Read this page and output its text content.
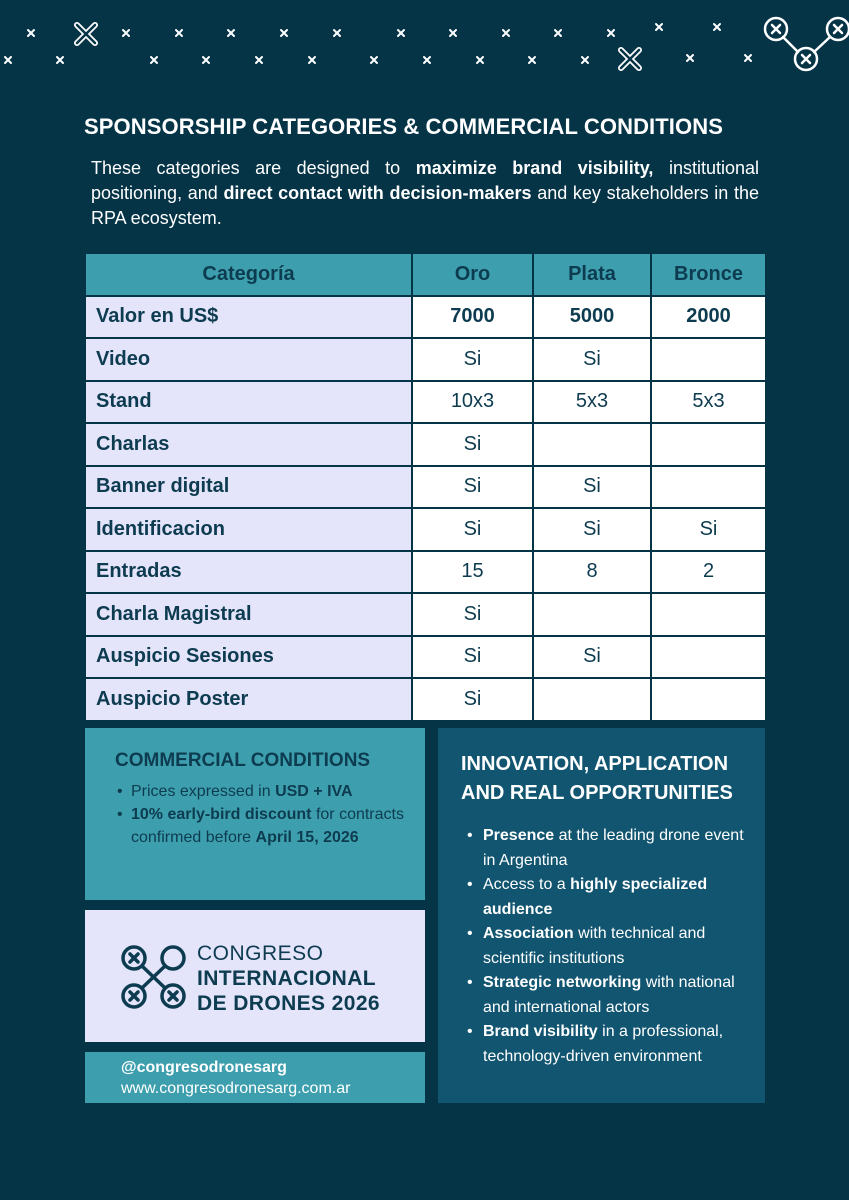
SPONSORSHIP CATEGORIES & COMMERCIAL CONDITIONS

These categories are designed to maximize brand visibility, institutional positioning, and direct contact with decision-makers and key stakeholders in the RPA ecosystem.

Categoría	Oro	Plata	Bronce
Valor en US$	7000	5000	2000
Video	Si	Si	
Stand	10x3	5x3	5x3
Charlas	Si		
Banner digital	Si	Si	
Identificacion	Si	Si	Si
Entradas	15	8	2
Charla Magistral	Si		
Auspicio Sesiones	Si	Si	
Auspicio Poster	Si		
COMMERCIAL CONDITIONS
• Prices expressed in USD + IVA
• 10% early-bird discount for contracts confirmed before April 15, 2026
CONGRESO
INTERNACIONAL
DE DRONES 2026
@congresodronesarg
www.congresodronesarg.com.ar
INNOVATION, APPLICATION
AND REAL OPPORTUNITIES
• Presence at the leading drone event in Argentina
• Access to a highly specialized audience
• Association with technical and scientific institutions
• Strategic networking with national and international actors
• Brand visibility in a professional, technology-driven environment
